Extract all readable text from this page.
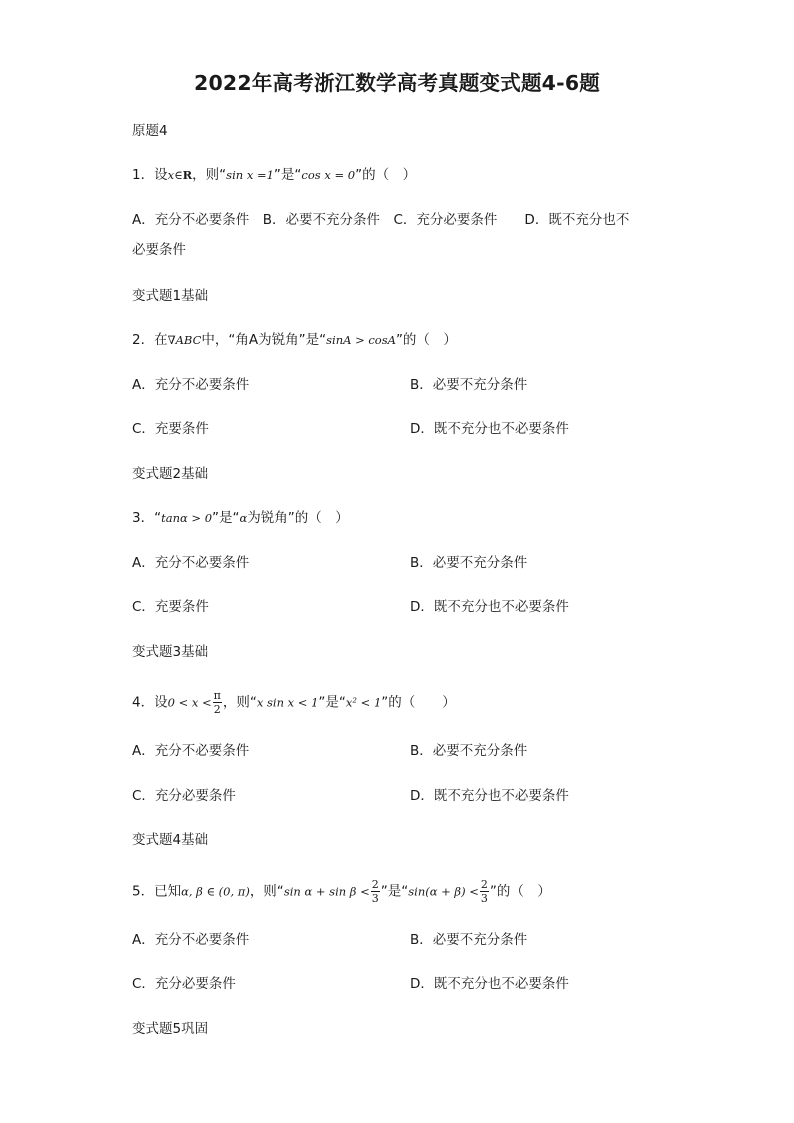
2022年高考浙江数学高考真题变式题4-6题
原题4
1．设x∈R，则“sin x =1”是“cos x = 0”的（　）
A．充分不必要条件　B．必要不充分条件　C．充分必要条件　　D．既不充分也不
必要条件
变式题1基础
2．在∇ABC中，“角A为锐角”是“sinA > cosA”的（　）
A．充分不必要条件	B．必要不充分条件
C．充要条件	D．既不充分也不必要条件
变式题2基础
3．“tanα > 0”是“α为锐角”的（　）
A．充分不必要条件	B．必要不充分条件
C．充要条件	D．既不充分也不必要条件
变式题3基础
4．设$0 < x < \frac{\pi}{2}$ ，则“x sin x < 1”是“x² < 1”的（　　）
A．充分不必要条件	B．必要不充分条件
C．充分必要条件	D．既不充分也不必要条件
变式题4基础
5．已知α, β ∈ (0, π)，则“sin $\alpha + \sin \beta < \frac{2}{3}$ ”是“$\sin(\alpha + \beta) < \frac{2}{3}$ ”的（　）
A．充分不必要条件	B．必要不充分条件
C．充分必要条件	D．既不充分也不必要条件
变式题5巩固
